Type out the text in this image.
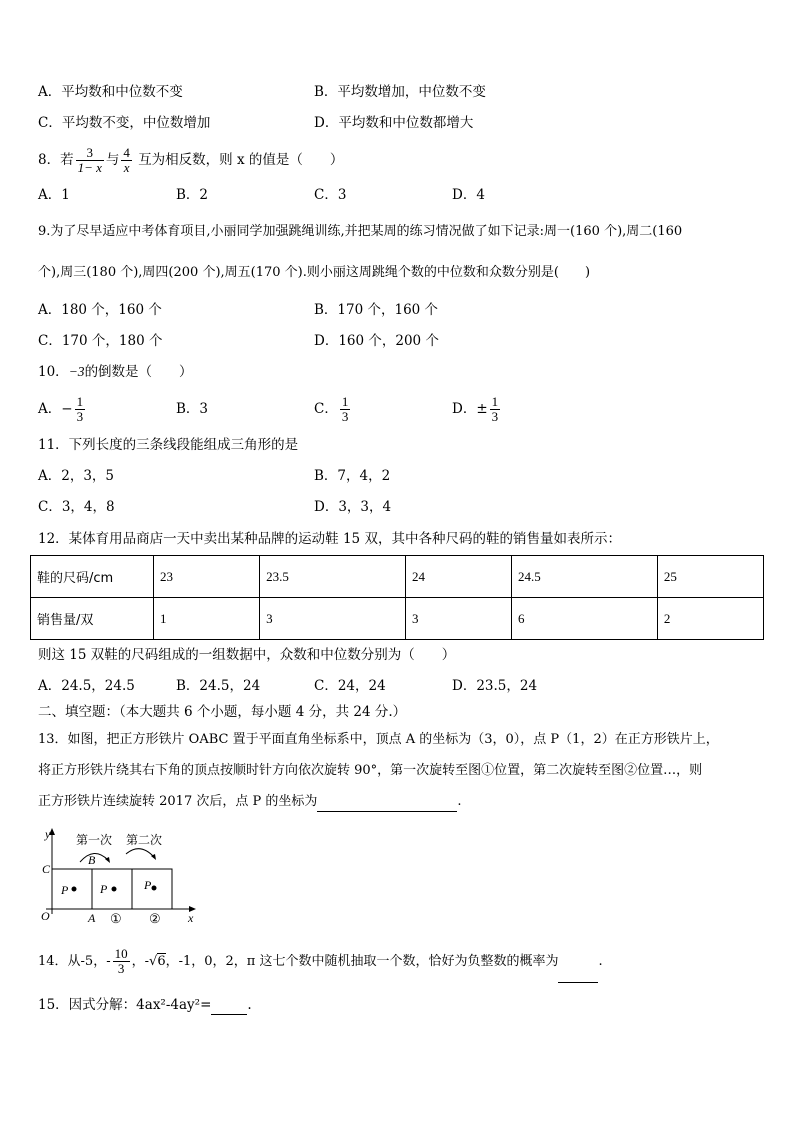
A．平均数和中位数不变	B．平均数增加，中位数不变
C．平均数不变，中位数增加	D．平均数和中位数都增大
8．若 $\frac{3}{1- x}$ 与 $\frac{4}{x}$ 互为相反数，则 x 的值是（　　）
A．1	B．2	C．3	D．4
9.为了尽早适应中考体育项目,小丽同学加强跳绳训练,并把某周的练习情况做了如下记录:周一(160 个),周二(160
个),周三(180 个),周四(200 个),周五(170 个).则小丽这周跳绳个数的中位数和众数分别是(　　)
A．180 个，160 个	B．170 个，160 个
C．170 个，180 个	D．160 个，200 个
10．−3的倒数是（　　）
A．− $\frac{1}{3}$	B．3	C． $\frac{1}{3}$	D．± $\frac{1}{3}$
11．下列长度的三条线段能组成三角形的是
A．2，3，5	B．7，4，2
C．3，4，8	D．3，3，4
12．某体育用品商店一天中卖出某种品牌的运动鞋 15 双，其中各种尺码的鞋的销售量如表所示：
鞋的尺码/cm	23	23.5	24	24.5	25
销售量/双	1	3	3	6	2
则这 15 双鞋的尺码组成的一组数据中，众数和中位数分别为（　　）
A．24.5，24.5	B．24.5，24	C．24，24	D．23.5，24
二、填空题：（本大题共 6 个小题，每小题 4 分，共 24 分.）
13．如图，把正方形铁片 OABC 置于平面直角坐标系中，顶点 A 的坐标为（3，0），点 P（1，2）在正方形铁片上，
将正方形铁片绕其右下角的顶点按顺时针方向依次旋转 90°，第一次旋转至图①位置，第二次旋转至图②位置…，则
正方形铁片连续旋转 2017 次后，点 P 的坐标为	.
第一次 第二次
y
x
C
O	A
B
P	P	P
① ②
14．从-5，- $\frac{10}{3}$ ，-√6，-1，0，2，π 这七个数中随机抽取一个数，恰好为负整数的概率为	.
15．因式分解：4ax²-4ay²=	.
